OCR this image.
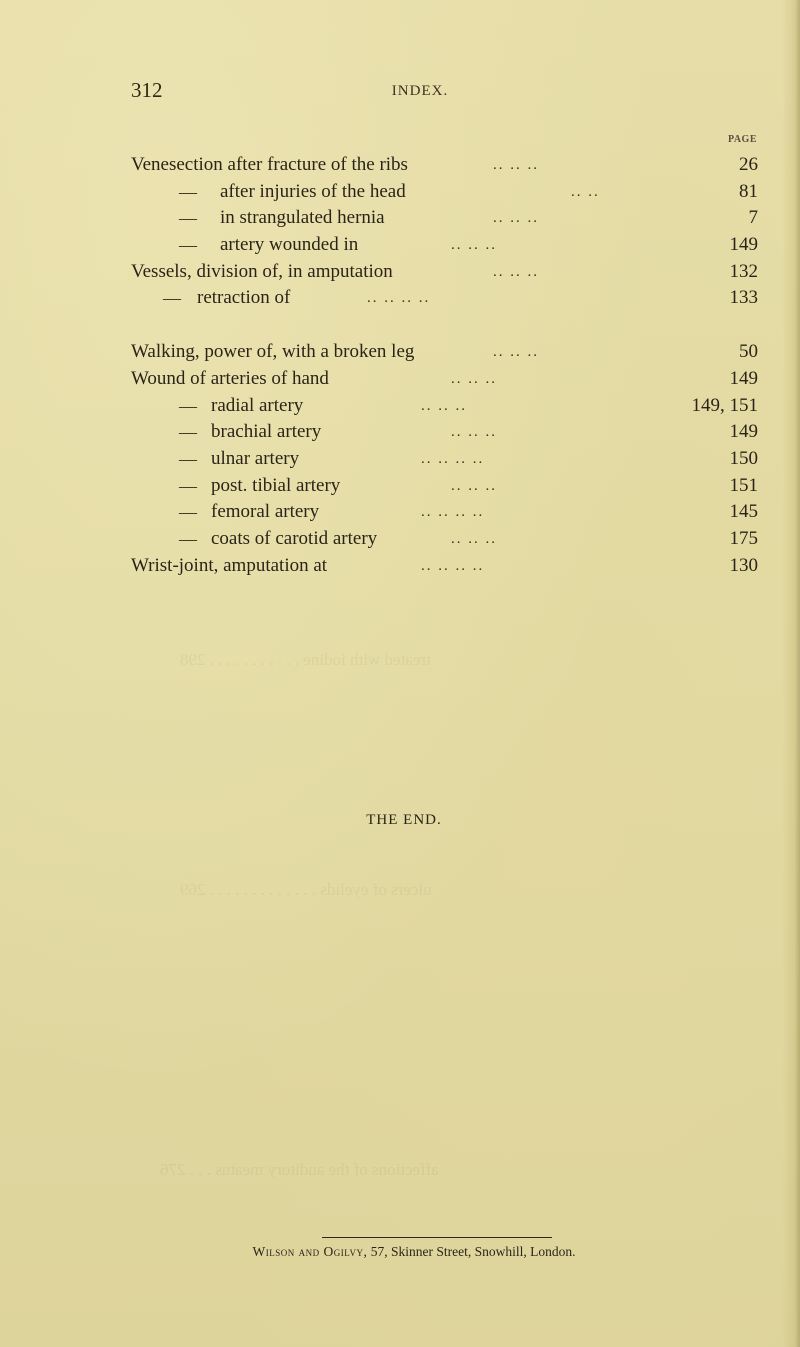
treated with iodine . . . . . . . . . . . 298
ulcers of eyelids . . . . . . . . . . . . . 269
affections of the auditory meatus . . . 276
312	INDEX.
PAGE
Venesection after fracture of the ribs	.. .. ..	26
— after injuries of the head	.. ..	81
— in strangulated hernia	.. .. ..	7
— artery wounded in	.. .. ..	149
Vessels, division of, in amputation	.. .. ..	132
— retraction of	.. .. .. ..	133
Walking, power of, with a broken leg	.. .. ..	50
Wound of arteries of hand	.. .. ..	149
— radial artery	.. .. ..	149, 151
— brachial artery	.. .. ..	149
— ulnar artery	.. .. .. ..	150
— post. tibial artery	.. .. ..	151
— femoral artery	.. .. .. ..	145
— coats of carotid artery	.. .. ..	175
Wrist-joint, amputation at	.. .. .. ..	130
THE END.
Wilson and Ogilvy, 57, Skinner Street, Snowhill, London.
